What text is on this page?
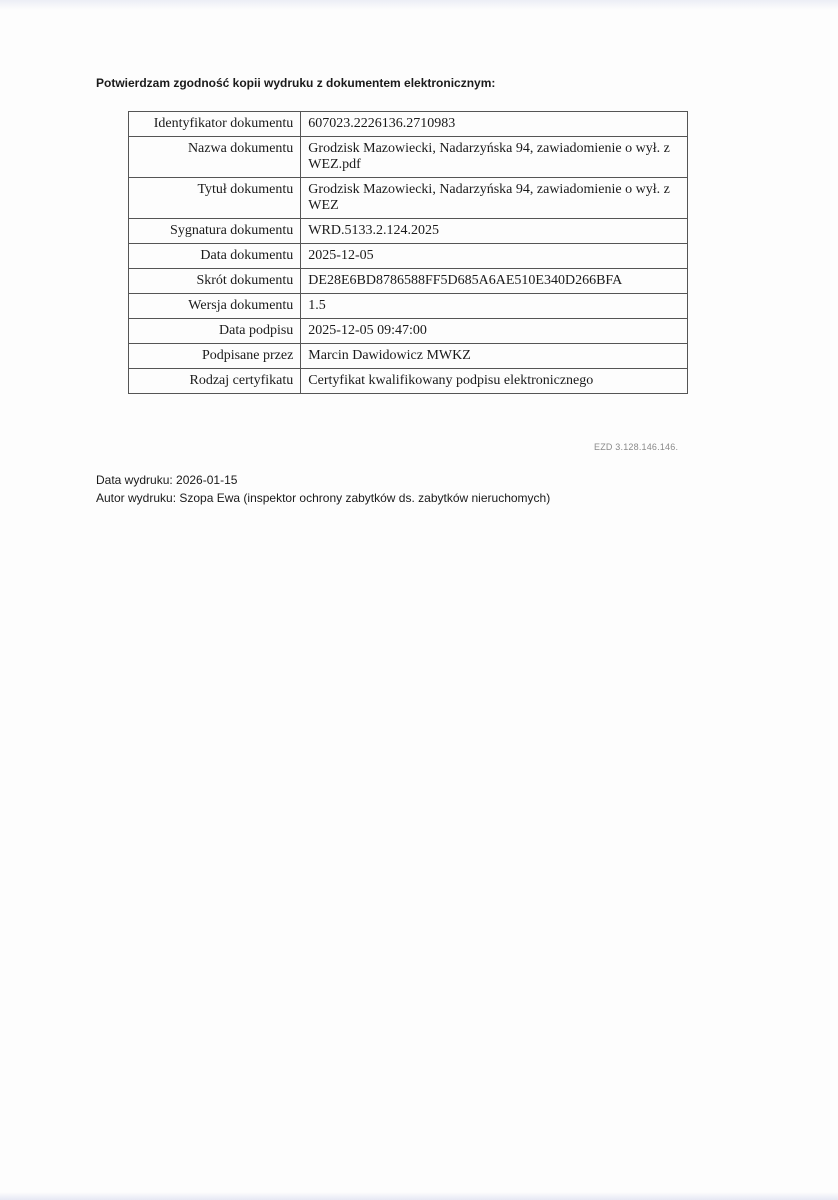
Potwierdzam zgodność kopii wydruku z dokumentem elektronicznym:
Identyfikator dokumentu	607023.2226136.2710983
Nazwa dokumentu	Grodzisk Mazowiecki, Nadarzyńska 94, zawiadomienie o wył. z WEZ.pdf
Tytuł dokumentu	Grodzisk Mazowiecki, Nadarzyńska 94, zawiadomienie o wył. z WEZ
Sygnatura dokumentu	WRD.5133.2.124.2025
Data dokumentu	2025-12-05
Skrót dokumentu	DE28E6BD8786588FF5D685A6AE510E340D266BFA
Wersja dokumentu	1.5
Data podpisu	2025-12-05 09:47:00
Podpisane przez	Marcin Dawidowicz MWKZ
Rodzaj certyfikatu	Certyfikat kwalifikowany podpisu elektronicznego
EZD 3.128.146.146.
Data wydruku: 2026-01-15
Autor wydruku: Szopa Ewa (inspektor ochrony zabytków ds. zabytków nieruchomych)
